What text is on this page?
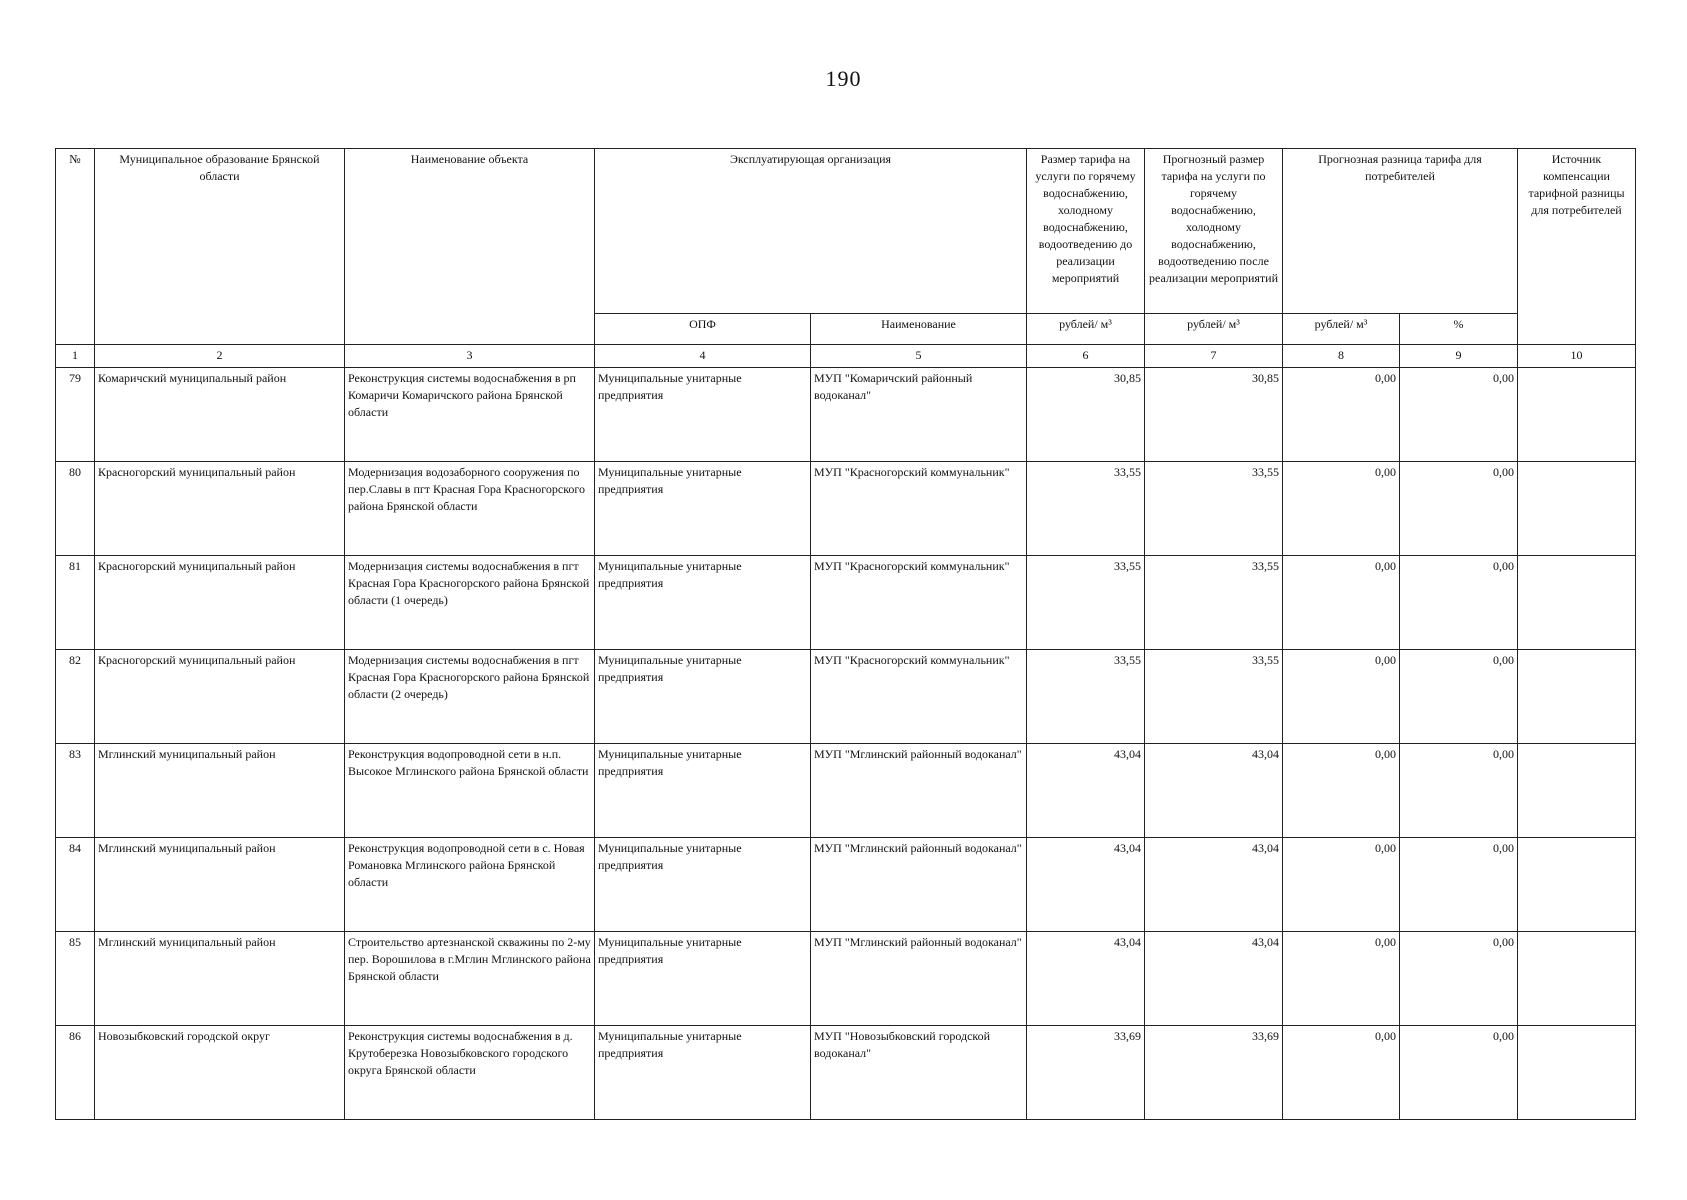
190
№	Муниципальное образование Брянской области	Наименование объекта	Эксплуатирующая организация		Размер тарифа на услуги по горячему водоснабжению, холодному водоснабжению, водоотведению до реализации мероприятий	Прогнозный размер тарифа на услуги по горячему водоснабжению, холодному водоснабжению, водоотведению после реализации мероприятий	Прогнозная разница тарифа для потребителей		Источник компенсации тарифной разницы для потребителей
			ОПФ	Наименование	рублей/ м³	рублей/ м³	рублей/ м³	%	
1	2	3	4	5	6	7	8	9	10
79	Комаричский муниципальный район	Реконструкция системы водоснабжения в рп Комаричи Комаричского района Брянской области	Муниципальные унитарные предприятия	МУП "Комаричский районный водоканал"	30,85	30,85	0,00	0,00	
80	Красногорский муниципальный район	Модернизация водозаборного сооружения по пер.Славы в пгт Красная Гора Красногорского района Брянской области	Муниципальные унитарные предприятия	МУП "Красногорский коммунальник"	33,55	33,55	0,00	0,00	
81	Красногорский муниципальный район	Модернизация системы водоснабжения в пгт Красная Гора Красногорского района Брянской области (1 очередь)	Муниципальные унитарные предприятия	МУП "Красногорский коммунальник"	33,55	33,55	0,00	0,00	
82	Красногорский муниципальный район	Модернизация системы водоснабжения в пгт Красная Гора Красногорского района Брянской области (2 очередь)	Муниципальные унитарные предприятия	МУП "Красногорский коммунальник"	33,55	33,55	0,00	0,00	
83	Мглинский муниципальный район	Реконструкция водопроводной сети в н.п. Высокое Мглинского района Брянской области	Муниципальные унитарные предприятия	МУП "Мглинский районный водоканал"	43,04	43,04	0,00	0,00	
84	Мглинский муниципальный район	Реконструкция водопроводной сети в с. Новая Романовка Мглинского района Брянской области	Муниципальные унитарные предприятия	МУП "Мглинский районный водоканал"	43,04	43,04	0,00	0,00	
85	Мглинский муниципальный район	Строительство артезнанской скважины по 2-му пер. Ворошилова в г.Мглин Мглинского района Брянской области	Муниципальные унитарные предприятия	МУП "Мглинский районный водоканал"	43,04	43,04	0,00	0,00	
86	Новозыбковский городской округ	Реконструкция системы водоснабжения в д. Крутоберезка Новозыбковского городского округа Брянской области	Муниципальные унитарные предприятия	МУП "Новозыбковский городской водоканал"	33,69	33,69	0,00	0,00	
